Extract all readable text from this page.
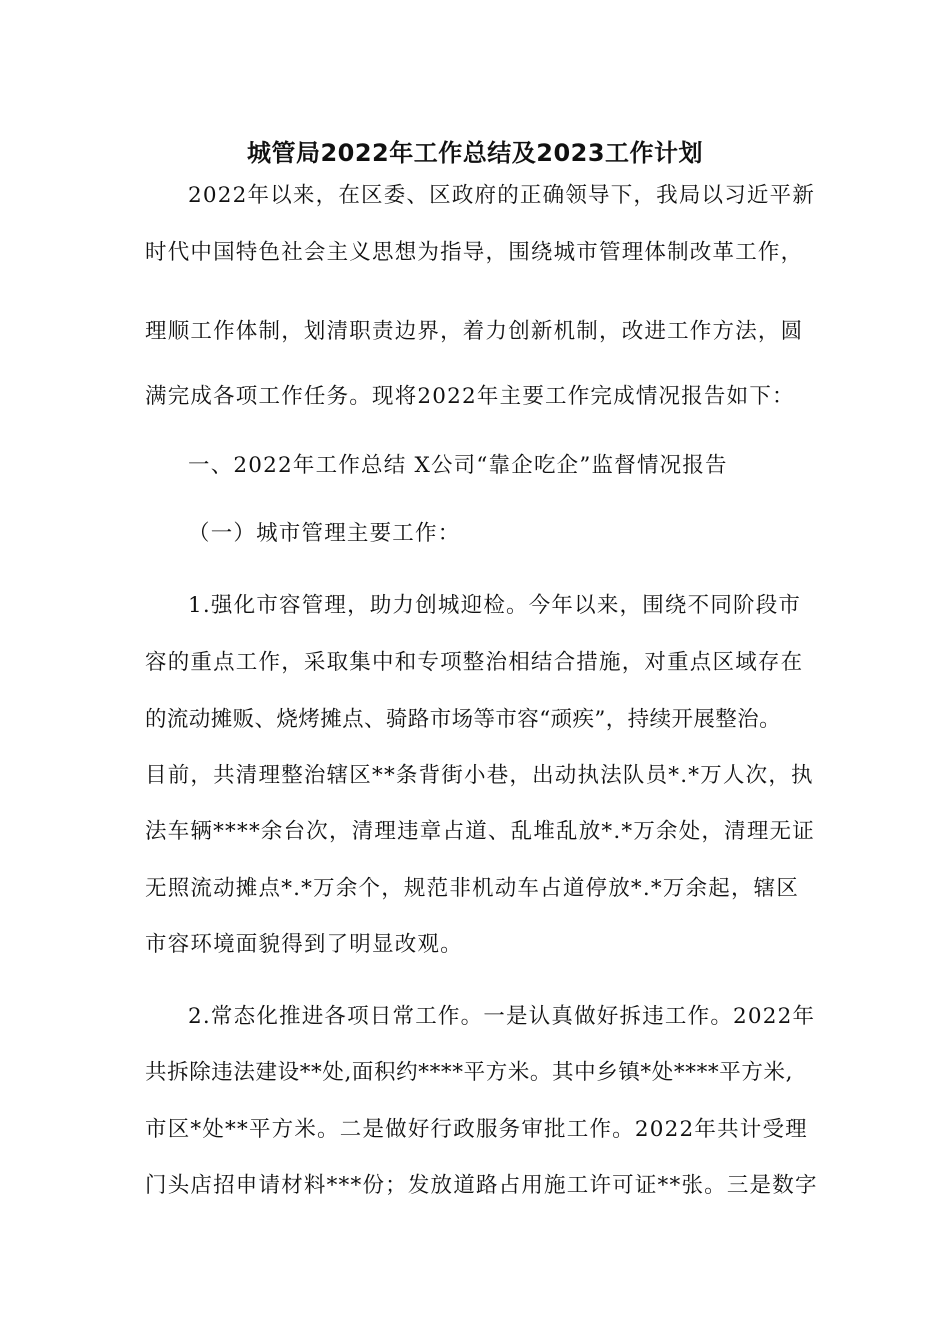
城管局2022年工作总结及2023工作计划
2022年以来，在区委、区政府的正确领导下，我局以习近平新
时代中国特色社会主义思想为指导，围绕城市管理体制改革工作，
理顺工作体制，划清职责边界，着力创新机制，改进工作方法，圆
满完成各项工作任务。现将2022年主要工作完成情况报告如下：
一、2022年工作总结 X公司“靠企吃企”监督情况报告
（一）城市管理主要工作：
1.强化市容管理，助力创城迎检。今年以来，围绕不同阶段市
容的重点工作，采取集中和专项整治相结合措施，对重点区域存在
的流动摊贩、烧烤摊点、骑路市场等市容“顽疾”，持续开展整治。
目前，共清理整治辖区**条背街小巷，出动执法队员*.*万人次，执
法车辆****余台次，清理违章占道、乱堆乱放*.*万余处，清理无证
无照流动摊点*.*万余个，规范非机动车占道停放*.*万余起，辖区
市容环境面貌得到了明显改观。
2.常态化推进各项日常工作。一是认真做好拆违工作。2022年
共拆除违法建设**处,面积约****平方米。其中乡镇*处****平方米,
市区*处**平方米。二是做好行政服务审批工作。2022年共计受理
门头店招申请材料***份；发放道路占用施工许可证**张。三是数字
